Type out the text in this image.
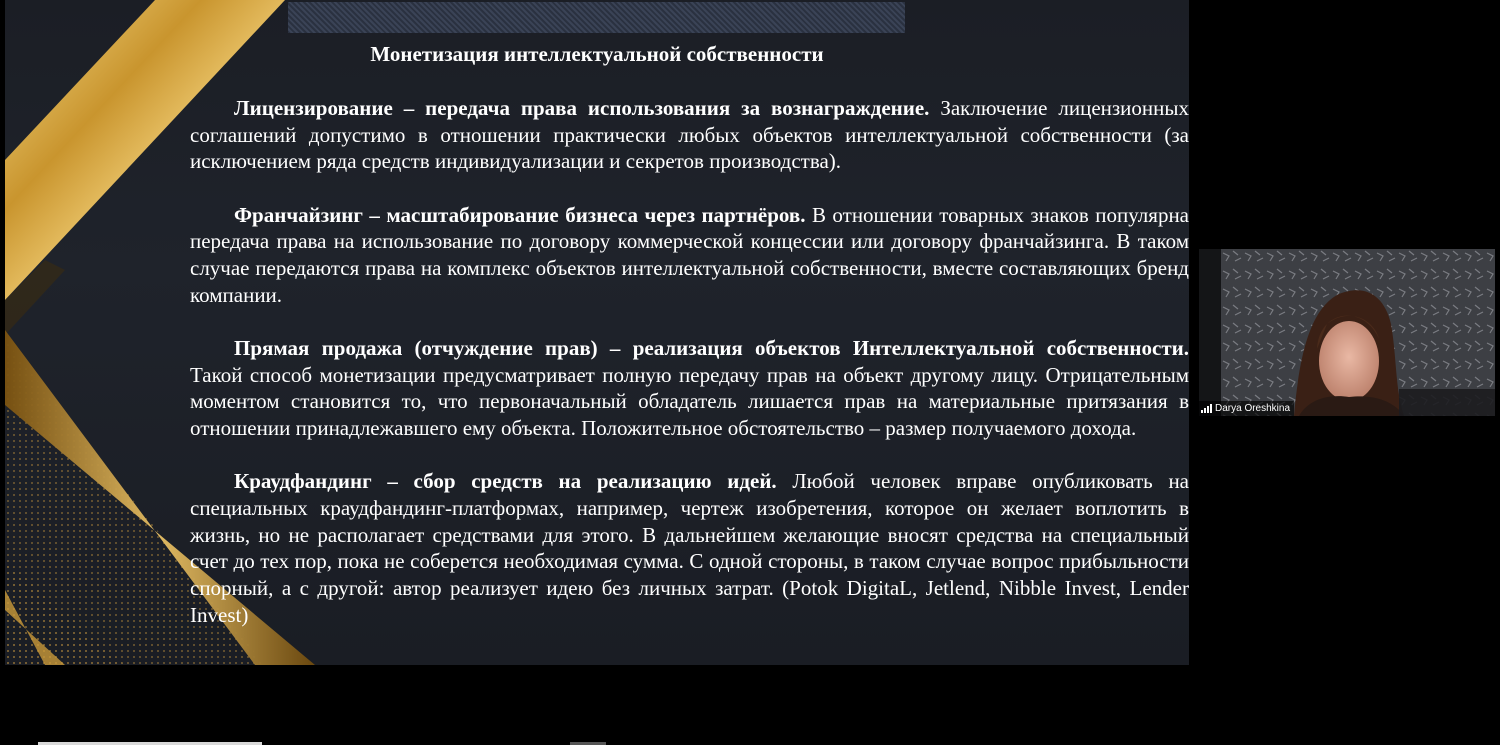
Монетизация интеллектуальной собственности

Лицензирование – передача права использования за вознаграждение. Заключение лицензионных соглашений допустимо в отношении практически любых объектов интеллектуальной собственности (за исключением ряда средств индивидуализации и секретов производства).

Франчайзинг – масштабирование бизнеса через партнёров. В отношении товарных знаков популярна передача права на использование по договору коммерческой концессии или договору франчайзинга. В таком случае передаются права на комплекс объектов интеллектуальной собственности, вместе составляющих бренд компании.

Прямая продажа (отчуждение прав) – реализация объектов Интеллектуальной собственности. Такой способ монетизации предусматривает полную передачу прав на объект другому лицу. Отрицательным моментом становится то, что первоначальный обладатель лишается прав на материальные притязания в отношении принадлежавшего ему объекта. Положительное обстоятельство – размер получаемого дохода.

Краудфандинг – сбор средств на реализацию идей. Любой человек вправе опубликовать на специальных краудфандинг-платформах, например, чертеж изобретения, которое он желает воплотить в жизнь, но не располагает средствами для этого. В дальнейшем желающие вносят средства на специальный счет до тех пор, пока не соберется необходимая сумма. С одной стороны, в таком случае вопрос прибыльности спорный, а с другой: автор реализует идею без личных затрат. (Potok DigitaL, Jetlend, Nibble Invest, Lender Invest)

Darya Oreshkina
